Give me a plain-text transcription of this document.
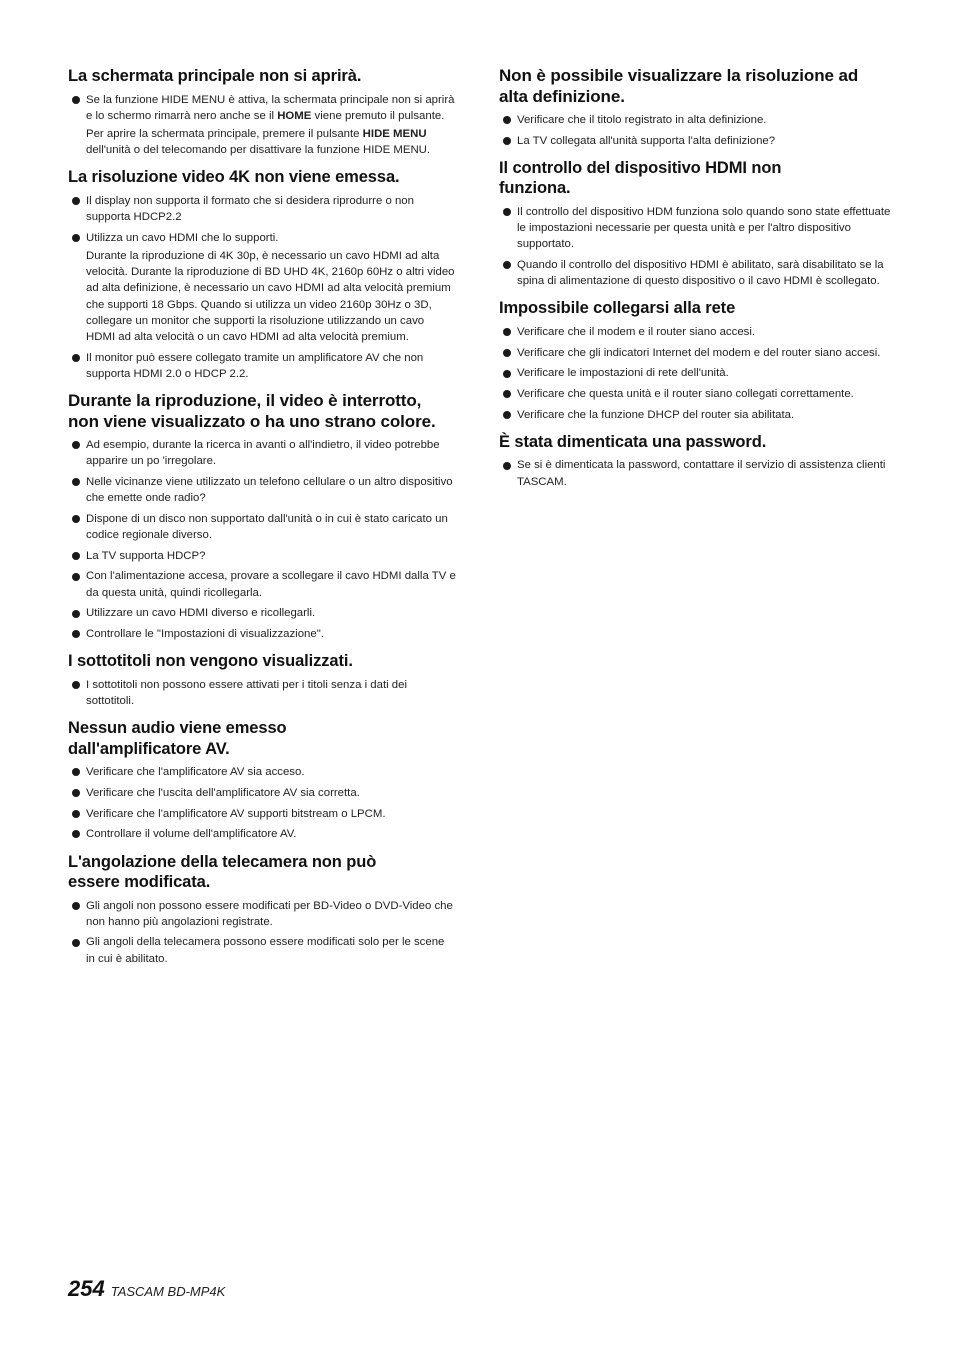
La schermata principale non si aprirà.
Se la funzione HIDE MENU è attiva, la schermata principale non si aprirà e lo schermo rimarrà nero anche se il HOME viene premuto il pulsante.
Per aprire la schermata principale, premere il pulsante HIDE MENU dell'unità o del telecomando per disattivare la funzione HIDE MENU.
La risoluzione video 4K non viene emessa.
Il display non supporta il formato che si desidera riprodurre o non supporta HDCP2.2
Utilizza un cavo HDMI che lo supporti.
Durante la riproduzione di 4K 30p, è necessario un cavo HDMI ad alta velocità. Durante la riproduzione di BD UHD 4K, 2160p 60Hz o altri video ad alta definizione, è necessario un cavo HDMI ad alta velocità premium che supporti 18 Gbps. Quando si utilizza un video 2160p 30Hz o 3D, collegare un monitor che supporti la risoluzione utilizzando un cavo HDMI ad alta velocità o un cavo HDMI ad alta velocità premium.
Il monitor può essere collegato tramite un amplificatore AV che non supporta HDMI 2.0 o HDCP 2.2.
Durante la riproduzione, il video è interrotto, non viene visualizzato o ha uno strano colore.
Ad esempio, durante la ricerca in avanti o all'indietro, il video potrebbe apparire un po 'irregolare.
Nelle vicinanze viene utilizzato un telefono cellulare o un altro dispositivo che emette onde radio?
Dispone di un disco non supportato dall'unità o in cui è stato caricato un codice regionale diverso.
La TV supporta HDCP?
Con l'alimentazione accesa, provare a scollegare il cavo HDMI dalla TV e da questa unità, quindi ricollegarla.
Utilizzare un cavo HDMI diverso e ricollegarli.
Controllare le "Impostazioni di visualizzazione".
I sottotitoli non vengono visualizzati.
I sottotitoli non possono essere attivati per i titoli senza i dati dei sottotitoli.
Nessun audio viene emesso
dall'amplificatore AV.
Verificare che l'amplificatore AV sia acceso.
Verificare che l'uscita dell'amplificatore AV sia corretta.
Verificare che l'amplificatore AV supporti bitstream o LPCM.
Controllare il volume dell'amplificatore AV.
L'angolazione della telecamera non può
essere modificata.
Gli angoli non possono essere modificati per BD-Video o DVD-Video che non hanno più angolazioni registrate.
Gli angoli della telecamera possono essere modificati solo per le scene in cui è abilitato.
Non è possibile visualizzare la risoluzione ad alta definizione.
Verificare che il titolo registrato in alta definizione.
La TV collegata all'unità supporta l'alta definizione?
Il controllo del dispositivo HDMI non
funziona.
Il controllo del dispositivo HDM funziona solo quando sono state effettuate le impostazioni necessarie per questa unità e per l'altro dispositivo supportato.
Quando il controllo del dispositivo HDMI è abilitato, sarà disabilitato se la spina di alimentazione di questo dispositivo o il cavo HDMI è scollegato.
Impossibile collegarsi alla rete
Verificare che il modem e il router siano accesi.
Verificare che gli indicatori Internet del modem e del router siano accesi.
Verificare le impostazioni di rete dell'unità.
Verificare che questa unità e il router siano collegati correttamente.
Verificare che la funzione DHCP del router sia abilitata.
È stata dimenticata una password.
Se si è dimenticata la password, contattare il servizio di assistenza clienti TASCAM.
254 TASCAM BD-MP4K
